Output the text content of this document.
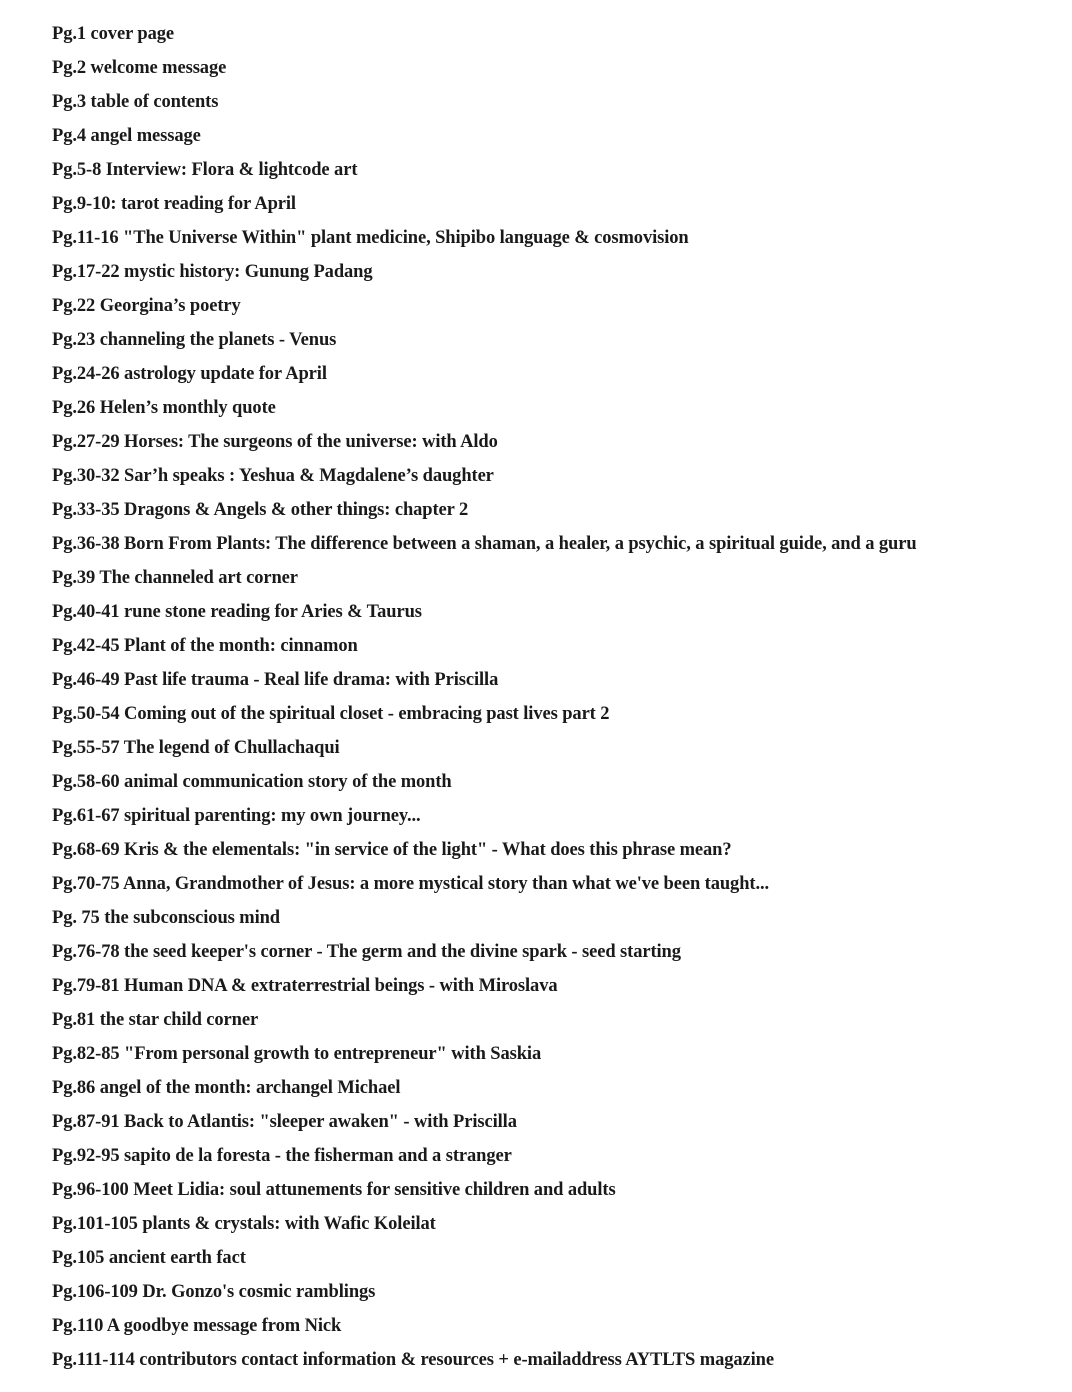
Pg.1 cover page
Pg.2 welcome message
Pg.3 table of contents
Pg.4 angel message
Pg.5-8 Interview: Flora & lightcode art
Pg.9-10: tarot reading for April
Pg.11-16 "The Universe Within" plant medicine, Shipibo language & cosmovision
Pg.17-22 mystic history: Gunung Padang
Pg.22 Georgina’s poetry
Pg.23 channeling the planets - Venus
Pg.24-26 astrology update for April
Pg.26 Helen’s monthly quote
Pg.27-29 Horses: The surgeons of the universe: with Aldo
Pg.30-32 Sar’h speaks : Yeshua & Magdalene’s daughter
Pg.33-35 Dragons & Angels & other things: chapter 2
Pg.36-38 Born From Plants: The difference between a shaman, a healer, a psychic, a spiritual guide, and a guru
Pg.39 The channeled art corner
Pg.40-41 rune stone reading for Aries & Taurus
Pg.42-45 Plant of the month: cinnamon
Pg.46-49 Past life trauma - Real life drama: with Priscilla
Pg.50-54 Coming out of the spiritual closet - embracing past lives part 2
Pg.55-57 The legend of Chullachaqui
Pg.58-60 animal communication story of the month
Pg.61-67 spiritual parenting: my own journey...
Pg.68-69 Kris & the elementals: "in service of the light" - What does this phrase mean?
Pg.70-75 Anna, Grandmother of Jesus: a more mystical story than what we've been taught...
Pg. 75 the subconscious mind
Pg.76-78 the seed keeper's corner - The germ and the divine spark - seed starting
Pg.79-81 Human DNA & extraterrestrial beings - with Miroslava
Pg.81 the star child corner
Pg.82-85 "From personal growth to entrepreneur" with Saskia
Pg.86 angel of the month: archangel Michael
Pg.87-91 Back to Atlantis: "sleeper awaken" - with Priscilla
Pg.92-95 sapito de la foresta - the fisherman and a stranger
Pg.96-100 Meet Lidia: soul attunements for sensitive children and adults
Pg.101-105 plants & crystals: with Wafic Koleilat
Pg.105 ancient earth fact
Pg.106-109 Dr. Gonzo's cosmic ramblings
Pg.110 A goodbye message from Nick
Pg.111-114 contributors contact information & resources + e-mailaddress AYTLTS magazine
